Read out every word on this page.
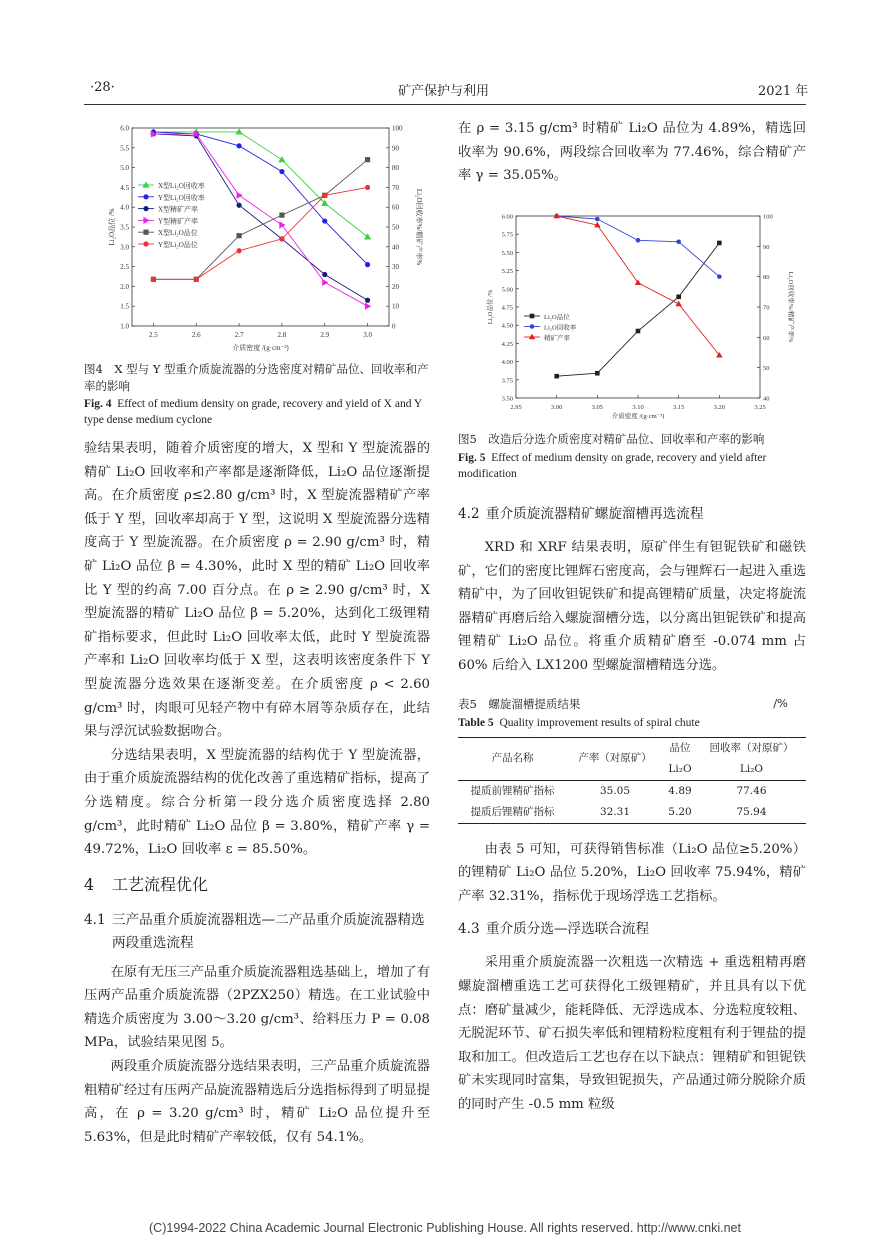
·28·	矿产保护与利用	2021 年
2.5	2.6	2.7	2.8	2.9	3.0
1.0
1.5
2.0
2.5
3.0
3.5
4.0
4.5
5.0
5.5
6.0
0
10
20
30
40
50
60
70
80
90
100
介质密度 /(g·cm⁻³)
Li₂O品位 /%	Li₂O回收率%/精矿产率%
X型Li₂O回收率
Y型Li₂O回收率
X型精矿产率
Y型精矿产率
X型Li₂O品位
Y型Li₂O品位

图4　X 型与 Y 型重介质旋流器的分选密度对精矿品位、回收率和产率的影响

Fig. 4 Effect of medium density on grade, recovery and yield of X and Y type dense medium cyclone

验结果表明，随着介质密度的增大，X 型和 Y 型旋流器的精矿 Li₂O 回收率和产率都是逐渐降低，Li₂O 品位逐渐提高。在介质密度 ρ≤2.80 g/cm³ 时，X 型旋流器精矿产率低于 Y 型，回收率却高于 Y 型，这说明 X 型旋流器分选精度高于 Y 型旋流器。在介质密度 ρ = 2.90 g/cm³ 时，精矿 Li₂O 品位 β = 4.30%，此时 X 型的精矿 Li₂O 回收率比 Y 型的约高 7.00 百分点。在 ρ ≥ 2.90 g/cm³ 时，X 型旋流器的精矿 Li₂O 品位 β = 5.20%，达到化工级锂精矿指标要求，但此时 Li₂O 回收率太低，此时 Y 型旋流器产率和 Li₂O 回收率均低于 X 型，这表明该密度条件下 Y 型旋流器分选效果在逐渐变差。在介质密度 ρ < 2.60 g/cm³ 时，肉眼可见轻产物中有碎木屑等杂质存在，此结果与浮沉试验数据吻合。

分选结果表明，X 型旋流器的结构优于 Y 型旋流器，由于重介质旋流器结构的优化改善了重选精矿指标，提高了分选精度。综合分析第一段分选介质密度选择 2.80 g/cm³，此时精矿 Li₂O 品位 β = 3.80%，精矿产率 γ = 49.72%，Li₂O 回收率 ε = 85.50%。

4 工艺流程优化

4.1 三产品重介质旋流器粗选—二产品重介质旋流器精选两段重选流程

在原有无压三产品重介质旋流器粗选基础上，增加了有压两产品重介质旋流器（2PZX250）精选。在工业试验中精选介质密度为 3.00～3.20 g/cm³、给料压力 P = 0.08 MPa，试验结果见图 5。

两段重介质旋流器分选结果表明，三产品重介质旋流器粗精矿经过有压两产品旋流器精选后分选指标得到了明显提高，在 ρ = 3.20 g/cm³ 时，精矿 Li₂O 品位提升至 5.63%，但是此时精矿产率较低，仅有 54.1%。

在 ρ = 3.15 g/cm³ 时精矿 Li₂O 品位为 4.89%，精选回收率为 90.6%，两段综合回收率为 77.46%，综合精矿产率 γ = 35.05%。

2.95	3.00	3.05	3.10	3.15	3.20	3.25
3.50
3.75
4.00
4.25
4.50
4.75
5.00
5.25
5.50
5.75
6.00
40
50
60
70
80
90
100
介质密度 /(g·cm⁻³)
Li₂O品位 /%	Li₂O回收率%/精矿产率%
Li₂O品位
Li₂O回收率
精矿产率

图5　改造后分选介质密度对精矿品位、回收率和产率的影响

Fig. 5 Effect of medium density on grade, recovery and yield after modification

4.2 重介质旋流器精矿螺旋溜槽再选流程

XRD 和 XRF 结果表明，原矿伴生有钽铌铁矿和磁铁矿，它们的密度比锂辉石密度高，会与锂辉石一起进入重选精矿中，为了回收钽铌铁矿和提高锂精矿质量，决定将旋流器精矿再磨后给入螺旋溜槽分选，以分离出钽铌铁矿和提高锂精矿 Li₂O 品位。将重介质精矿磨至 -0.074 mm 占 60% 后给入 LX1200 型螺旋溜槽精选分选。

表5　螺旋溜槽提质结果	/%

Table 5 Quality improvement results of spiral chute

产品名称	产率（对原矿）	品位	回收率（对原矿）
		Li₂O	Li₂O
提质前锂精矿指标	35.05	4.89	77.46
提质后锂精矿指标	32.31	5.20	75.94

由表 5 可知，可获得销售标准（Li₂O 品位≥5.20%）的锂精矿 Li₂O 品位 5.20%，Li₂O 回收率 75.94%，精矿产率 32.31%，指标优于现场浮选工艺指标。

4.3 重介质分选—浮选联合流程

采用重介质旋流器一次粗选一次精选 + 重选粗精再磨螺旋溜槽重选工艺可获得化工级锂精矿，并且具有以下优点：磨矿量减少，能耗降低、无浮选成本、分选粒度较粗、无脱泥环节、矿石损失率低和锂精粉粒度粗有利于锂盐的提取和加工。但改造后工艺也存在以下缺点：锂精矿和钽铌铁矿未实现同时富集，导致钽铌损失，产品通过筛分脱除介质的同时产生 -0.5 mm 粒级

(C)1994-2022 China Academic Journal Electronic Publishing House. All rights reserved. http://www.cnki.net
